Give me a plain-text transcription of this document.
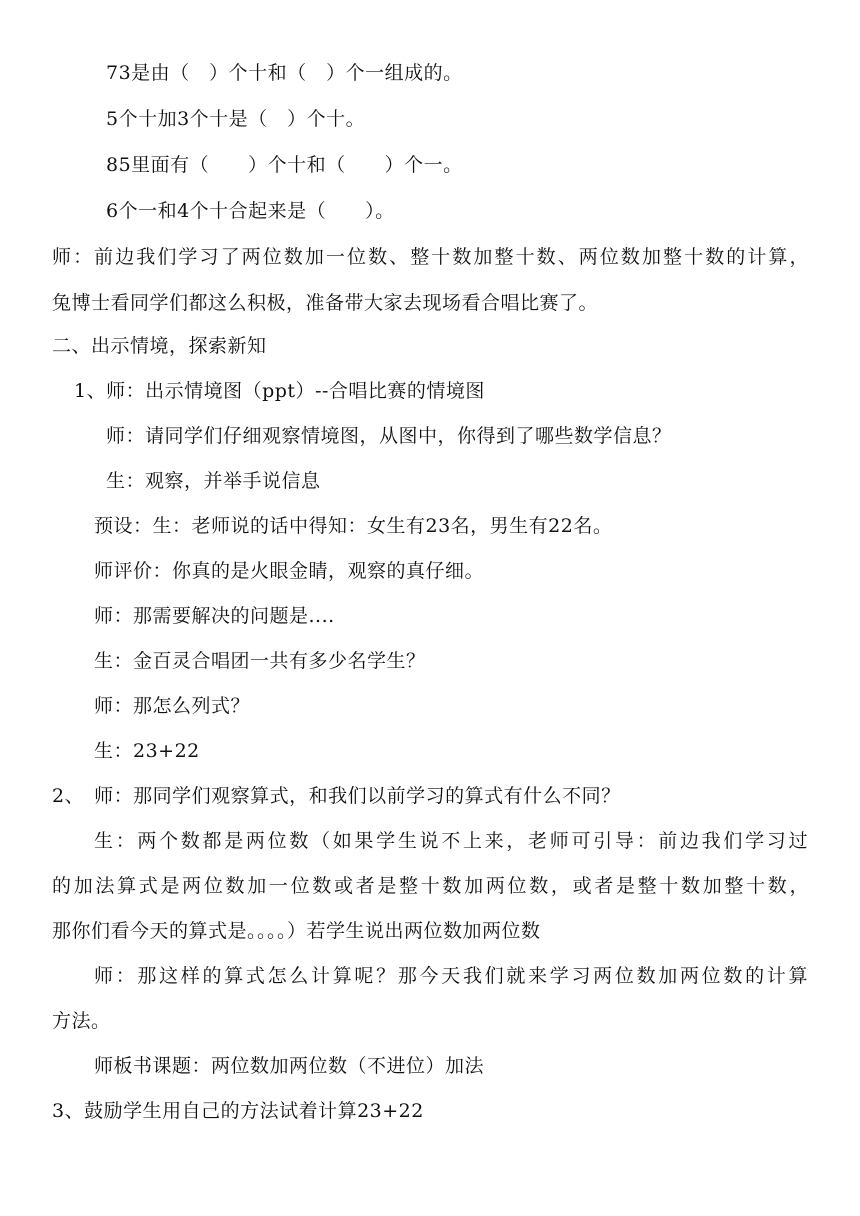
73是由（　）个十和（　）个一组成的。
5个十加3个十是（　）个十。
85里面有（　　）个十和（　　）个一。
6个一和4个十合起来是（　　）。
师：前边我们学习了两位数加一位数、整十数加整十数、两位数加整十数的计算，
兔博士看同学们都这么积极，准备带大家去现场看合唱比赛了。
二、出示情境，探索新知
1、师：出示情境图（ppt）--合唱比赛的情境图
师：请同学们仔细观察情境图，从图中，你得到了哪些数学信息？
生：观察，并举手说信息
预设：生：老师说的话中得知：女生有23名，男生有22名。
师评价：你真的是火眼金睛，观察的真仔细。
师：那需要解决的问题是....
生：金百灵合唱团一共有多少名学生？
师：那怎么列式？
生：23+22
2、　师：那同学们观察算式，和我们以前学习的算式有什么不同？
生：两个数都是两位数（如果学生说不上来，老师可引导：前边我们学习过
的加法算式是两位数加一位数或者是整十数加两位数，或者是整十数加整十数，
那你们看今天的算式是。。。。）若学生说出两位数加两位数
师：那这样的算式怎么计算呢？那今天我们就来学习两位数加两位数的计算
方法。
师板书课题：两位数加两位数（不进位）加法
3、鼓励学生用自己的方法试着计算23+22
